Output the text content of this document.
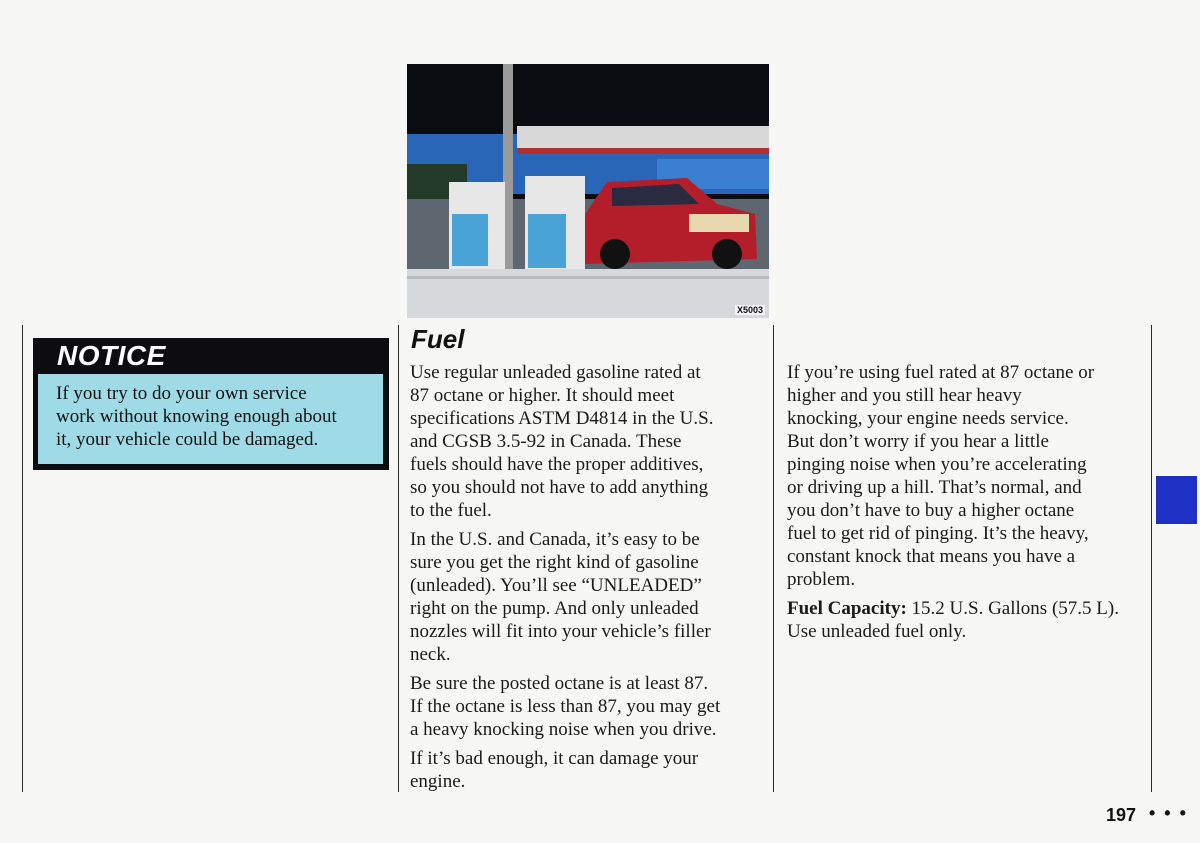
X5003
NOTICE
If you try to do your own service
work without knowing enough about
it, your vehicle could be damaged.
Fuel
Use regular unleaded gasoline rated at
87 octane or higher. It should meet
specifications ASTM D4814 in the U.S.
and CGSB 3.5-92 in Canada. These
fuels should have the proper additives,
so you should not have to add anything
to the fuel.
In the U.S. and Canada, it’s easy to be
sure you get the right kind of gasoline
(unleaded). You’ll see “UNLEADED”
right on the pump. And only unleaded
nozzles will fit into your vehicle’s filler
neck.
Be sure the posted octane is at least 87.
If the octane is less than 87, you may get
a heavy knocking noise when you drive.
If it’s bad enough, it can damage your
engine.
If you’re using fuel rated at 87 octane or
higher and you still hear heavy
knocking, your engine needs service.
But don’t worry if you hear a little
pinging noise when you’re accelerating
or driving up a hill. That’s normal, and
you don’t have to buy a higher octane
fuel to get rid of pinging. It’s the heavy,
constant knock that means you have a
problem.
Fuel Capacity: 15.2 U.S. Gallons (57.5 L).
Use unleaded fuel only.
197 • • •
